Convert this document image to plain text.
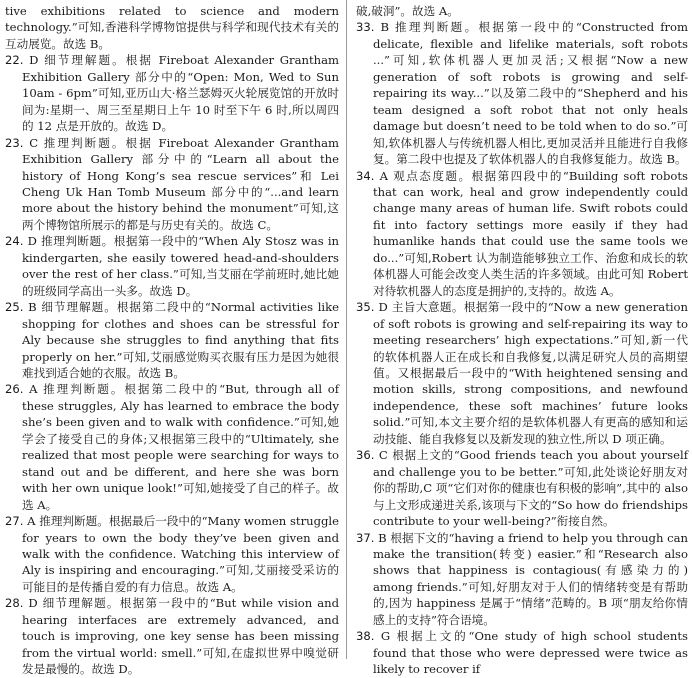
tive exhibitions related to science and modern technology.”可知,香港科学博物馆提供与科学和现代技术有关的互动展览。故选 B。

22. D 细节理解题。根据 Fireboat Alexander Grantham Exhibition Gallery 部分中的“Open: Mon, Wed to Sun 10am - 6pm”可知,亚历山大·格兰瑟姆灭火轮展览馆的开放时间为:星期一、周三至星期日上午 10 时至下午 6 时,所以周四的 12 点是开放的。故选 D。

23. C 推理判断题。根据 Fireboat Alexander Grantham Exhibition Gallery 部分中的“Learn all about the history of Hong Kong’s sea rescue services”和 Lei Cheng Uk Han Tomb Museum 部分中的“...and learn more about the history behind the monument”可知,这两个博物馆所展示的都是与历史有关的。故选 C。

24. D 推理判断题。根据第一段中的“When Aly Stosz was in kindergarten, she easily towered head-and-shoulders over the rest of her class.”可知,当艾丽在学前班时,她比她的班级同学高出一头多。故选 D。

25. B 细节理解题。根据第二段中的“Normal activities like shopping for clothes and shoes can be stressful for Aly because she struggles to find anything that fits properly on her.”可知,艾丽感觉购买衣服有压力是因为她很难找到适合她的衣服。故选 B。

26. A 推理判断题。根据第二段中的“But, through all of these struggles, Aly has learned to embrace the body she’s been given and to walk with confidence.”可知,她学会了接受自己的身体;又根据第三段中的“Ultimately, she realized that most people were searching for ways to stand out and be different, and here she was born with her own unique look!”可知,她接受了自己的样子。故选 A。

27. A 推理判断题。根据最后一段中的“Many women struggle for years to own the body they’ve been given and walk with the confidence. Watching this interview of Aly is inspiring and encouraging.”可知,艾丽接受采访的可能目的是传播自爱的有力信息。故选 A。

28. D 细节理解题。根据第一段中的“But while vision and hearing interfaces are extremely advanced, and touch is improving, one key sense has been missing from the virtual world: smell.”可知,在虚拟世界中嗅觉研发是最慢的。故选 D。

破,破洞”。故选 A。

33. B 推理判断题。根据第一段中的“Constructed from delicate, flexible and lifelike materials, soft robots ...”可知,软体机器人更加灵活;又根据“Now a new generation of soft robots is growing and self-repairing its way...”以及第二段中的“Shepherd and his team designed a soft robot that not only heals damage but doesn’t need to be told when to do so.”可知,软体机器人与传统机器人相比,更加灵活并且能进行自我修复。第二段中也提及了软体机器人的自我修复能力。故选 B。

34. A 观点态度题。根据第四段中的“Building soft robots that can work, heal and grow independently could change many areas of human life. Swift robots could fit into factory settings more easily if they had humanlike hands that could use the same tools we do...”可知,Robert 认为制造能够独立工作、治愈和成长的软体机器人可能会改变人类生活的许多领域。由此可知 Robert 对待软机器人的态度是拥护的,支持的。故选 A。

35. D 主旨大意题。根据第一段中的“Now a new generation of soft robots is growing and self-repairing its way to meeting researchers’ high expectations.”可知,新一代的软体机器人正在成长和自我修复,以满足研究人员的高期望值。又根据最后一段中的“With heightened sensing and motion skills, strong compositions, and newfound independence, these soft machines’ future looks solid.”可知,本文主要介绍的是软体机器人有更高的感知和运动技能、能自我修复以及新发现的独立性,所以 D 项正确。

36. C 根据上文的“Good friends teach you about yourself and challenge you to be better.”可知,此处谈论好朋友对你的帮助,C 项“它们对你的健康也有积极的影响”,其中的 also 与上文形成递进关系,该项与下文的“So how do friendships contribute to your well-being?”衔接自然。

37. B 根据下文的“having a friend to help you through can make the transition(转变) easier.”和“Research also shows that happiness is contagious(有感染力的) among friends.”可知,好朋友对于人们的情绪转变是有帮助的,因为 happiness 是属于“情绪”范畴的。B 项“朋友给你情感上的支持”符合语境。

38. G 根据上文的“One study of high school students found that those who were depressed were twice as likely to recover if
